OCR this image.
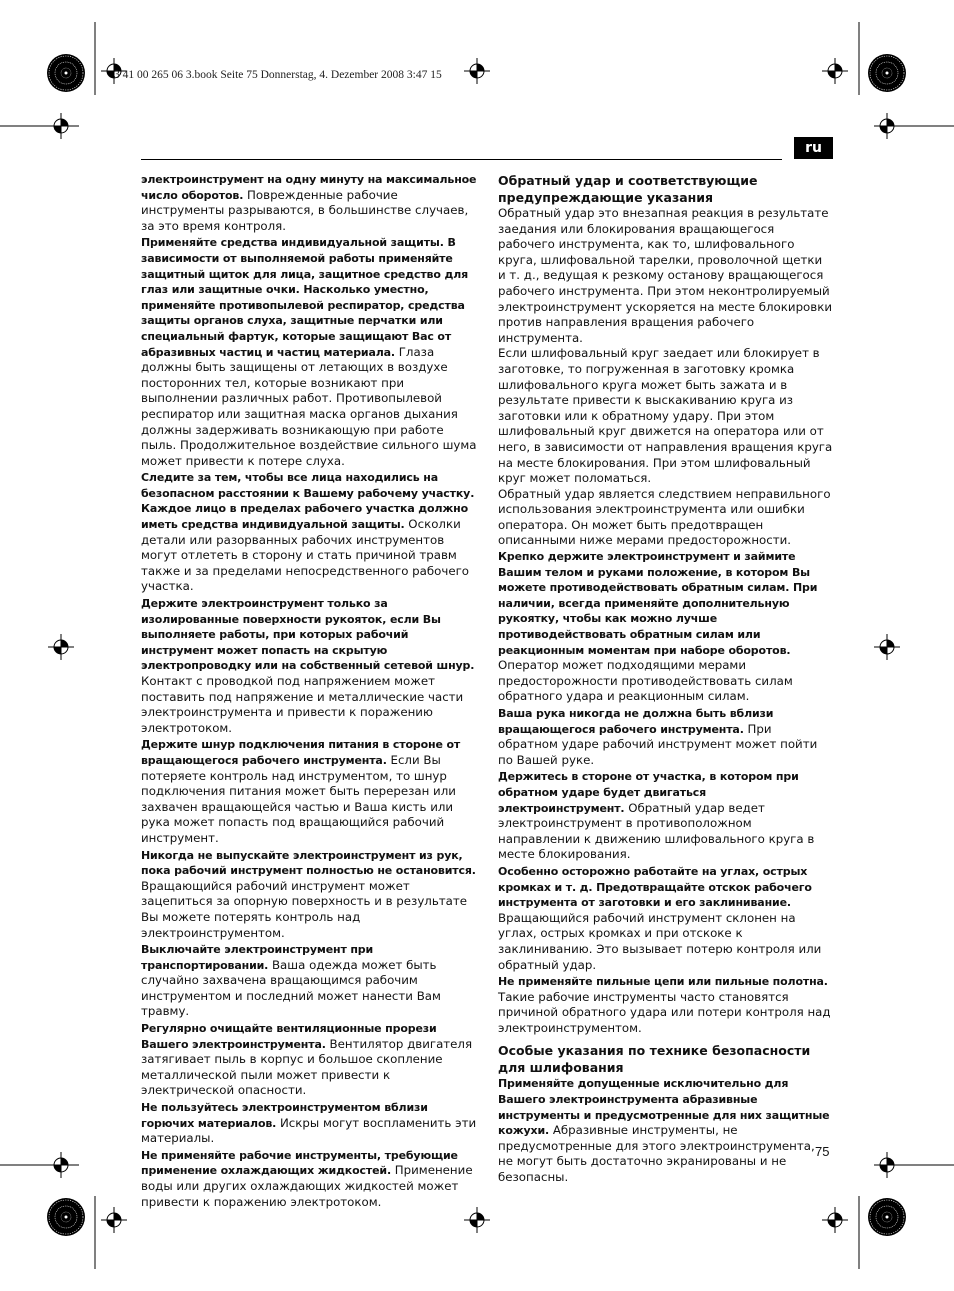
3 41 00 265 06 3.book Seite 75 Donnerstag, 4. Dezember 2008 3:47 15
ru

электроинструмент на одну минуту на максимальное число оборотов. Поврежденные рабочие инструменты разрываются, в большинстве случаев, за это время контроля.

Применяйте средства индивидуальной защиты. В зависимости от выполняемой работы применяйте защитный щиток для лица, защитное средство для глаз или защитные очки. Насколько уместно, применяйте противопылевой респиратор, средства защиты органов слуха, защитные перчатки или специальный фартук, которые защищают Вас от абразивных частиц и частиц материала. Глаза должны быть защищены от летающих в воздухе посторонних тел, которые возникают при выполнении различных работ. Противопылевой респиратор или защитная маска органов дыхания должны задерживать возникающую при работе пыль. Продолжительное воздействие сильного шума может привести к потере слуха.

Следите за тем, чтобы все лица находились на безопасном расстоянии к Вашему рабочему участку. Каждое лицо в пределах рабочего участка должно иметь средства индивидуальной защиты. Осколки детали или разорванных рабочих инструментов могут отлететь в сторону и стать причиной травм также и за пределами непосредственного рабочего участка.

Держите электроинструмент только за изолированные поверхности рукояток, если Вы выполняете работы, при которых рабочий инструмент может попасть на скрытую электропроводку или на собственный сетевой шнур. Контакт с проводкой под напряжением может поставить под напряжение и металлические части электроинструмента и привести к поражению электротоком.

Держите шнур подключения питания в стороне от вращающегося рабочего инструмента. Если Вы потеряете контроль над инструментом, то шнур подключения питания может быть перерезан или захвачен вращающейся частью и Ваша кисть или рука может попасть под вращающийся рабочий инструмент.

Никогда не выпускайте электроинструмент из рук, пока рабочий инструмент полностью не остановится. Вращающийся рабочий инструмент может зацепиться за опорную поверхность и в результате Вы можете потерять контроль над электроинструментом.

Выключайте электроинструмент при транспортировании. Ваша одежда может быть случайно захвачена вращающимся рабочим инструментом и последний может нанести Вам травму.

Регулярно очищайте вентиляционные прорези Вашего электроинструмента. Вентилятор двигателя затягивает пыль в корпус и большое скопление металлической пыли может привести к электрической опасности.

Не пользуйтесь электроинструментом вблизи горючих материалов. Искры могут воспламенить эти материалы.

Не применяйте рабочие инструменты, требующие применение охлаждающих жидкостей. Применение воды или других охлаждающих жидкостей может привести к поражению электротоком.

Обратный удар и соответствующие предупреждающие указания

Обратный удар это внезапная реакция в результате заедания или блокирования вращающегося рабочего инструмента, как то, шлифовального круга, шлифовальной тарелки, проволочной щетки и т. д., ведущая к резкому останову вращающегося рабочего инструмента. При этом неконтролируемый электроинструмент ускоряется на месте блокировки против направления вращения рабочего инструмента.

Если шлифовальный круг заедает или блокирует в заготовке, то погруженная в заготовку кромка шлифовального круга может быть зажата и в результате привести к выскакиванию круга из заготовки или к обратному удару. При этом шлифовальный круг движется на оператора или от него, в зависимости от направления вращения круга на месте блокирования. При этом шлифовальный круг может поломаться.

Обратный удар является следствием неправильного использования электроинструмента или ошибки оператора. Он может быть предотвращен описанными ниже мерами предосторожности.

Крепко держите электроинструмент и займите Вашим телом и руками положение, в котором Вы можете противодействовать обратным силам. При наличии, всегда применяйте дополнительную рукоятку, чтобы как можно лучше противодействовать обратным силам или реакционным моментам при наборе оборотов. Оператор может подходящими мерами предосторожности противодействовать силам обратного удара и реакционным силам.

Ваша рука никогда не должна быть вблизи вращающегося рабочего инструмента. При обратном ударе рабочий инструмент может пойти по Вашей руке.

Держитесь в стороне от участка, в котором при обратном ударе будет двигаться электроинструмент. Обратный удар ведет электроинструмент в противоположном направлении к движению шлифовального круга в месте блокирования.

Особенно осторожно работайте на углах, острых кромках и т. д. Предотвращайте отскок рабочего инструмента от заготовки и его заклинивание. Вращающийся рабочий инструмент склонен на углах, острых кромках и при отскоке к заклиниванию. Это вызывает потерю контроля или обратный удар.

Не применяйте пильные цепи или пильные полотна. Такие рабочие инструменты часто становятся причиной обратного удара или потери контроля над электроинструментом.

Особые указания по технике безопасности для шлифования

Применяйте допущенные исключительно для Вашего электроинструмента абразивные инструменты и предусмотренные для них защитные кожухи. Абразивные инструменты, не предусмотренные для этого электроинструмента, не могут быть достаточно экранированы и не безопасны.

75
